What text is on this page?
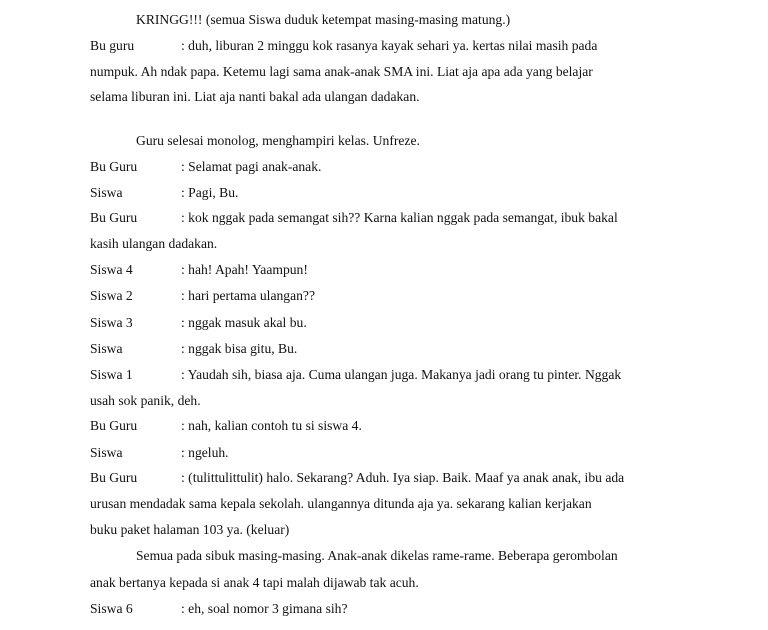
KRINGG!!! (semua Siswa duduk ketempat masing-masing matung.)
Bu guru	: duh, liburan 2 minggu kok rasanya kayak sehari ya. kertas nilai masih pada
numpuk. Ah ndak papa. Ketemu lagi sama anak-anak SMA ini. Liat aja apa ada yang belajar
selama liburan ini. Liat aja nanti bakal ada ulangan dadakan.
Guru selesai monolog, menghampiri kelas. Unfreze.
Bu Guru	: Selamat pagi anak-anak.
Siswa	: Pagi, Bu.
Bu Guru	: kok nggak pada semangat sih?? Karna kalian nggak pada semangat, ibuk bakal
kasih ulangan dadakan.
Siswa 4	: hah! Apah! Yaampun!
Siswa 2	: hari pertama ulangan??
Siswa 3	: nggak masuk akal bu.
Siswa	: nggak bisa gitu, Bu.
Siswa 1	: Yaudah sih, biasa aja. Cuma ulangan juga. Makanya jadi orang tu pinter. Nggak
usah sok panik, deh.
Bu Guru	: nah, kalian contoh tu si siswa 4.
Siswa	: ngeluh.
Bu Guru	: (tulittulittulit) halo. Sekarang? Aduh. Iya siap. Baik. Maaf ya anak anak, ibu ada
urusan mendadak sama kepala sekolah. ulangannya ditunda aja ya. sekarang kalian kerjakan
buku paket halaman 103 ya. (keluar)
Semua pada sibuk masing-masing. Anak-anak dikelas rame-rame. Beberapa gerombolan
anak bertanya kepada si anak 4 tapi malah dijawab tak acuh.
Siswa 6	: eh, soal nomor 3 gimana sih?
